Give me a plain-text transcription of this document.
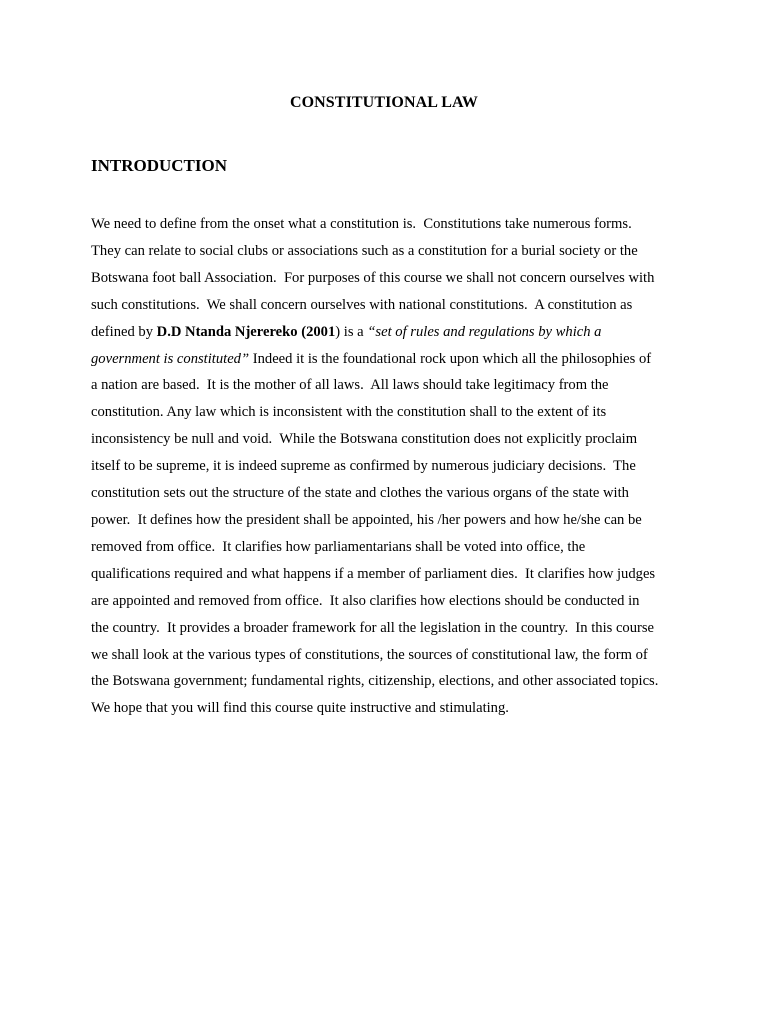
CONSTITUTIONAL LAW
INTRODUCTION
We need to define from the onset what a constitution is.  Constitutions take numerous forms.
They can relate to social clubs or associations such as a constitution for a burial society or the
Botswana foot ball Association.  For purposes of this course we shall not concern ourselves with
such constitutions.  We shall concern ourselves with national constitutions.  A constitution as
defined by D.D Ntanda Njerereko (2001) is a “set of rules and regulations by which a
government is constituted” Indeed it is the foundational rock upon which all the philosophies of
a nation are based.  It is the mother of all laws.  All laws should take legitimacy from the
constitution. Any law which is inconsistent with the constitution shall to the extent of its
inconsistency be null and void.  While the Botswana constitution does not explicitly proclaim
itself to be supreme, it is indeed supreme as confirmed by numerous judiciary decisions.  The
constitution sets out the structure of the state and clothes the various organs of the state with
power.  It defines how the president shall be appointed, his /her powers and how he/she can be
removed from office.  It clarifies how parliamentarians shall be voted into office, the
qualifications required and what happens if a member of parliament dies.  It clarifies how judges
are appointed and removed from office.  It also clarifies how elections should be conducted in
the country.  It provides a broader framework for all the legislation in the country.  In this course
we shall look at the various types of constitutions, the sources of constitutional law, the form of
the Botswana government; fundamental rights, citizenship, elections, and other associated topics.
We hope that you will find this course quite instructive and stimulating.
